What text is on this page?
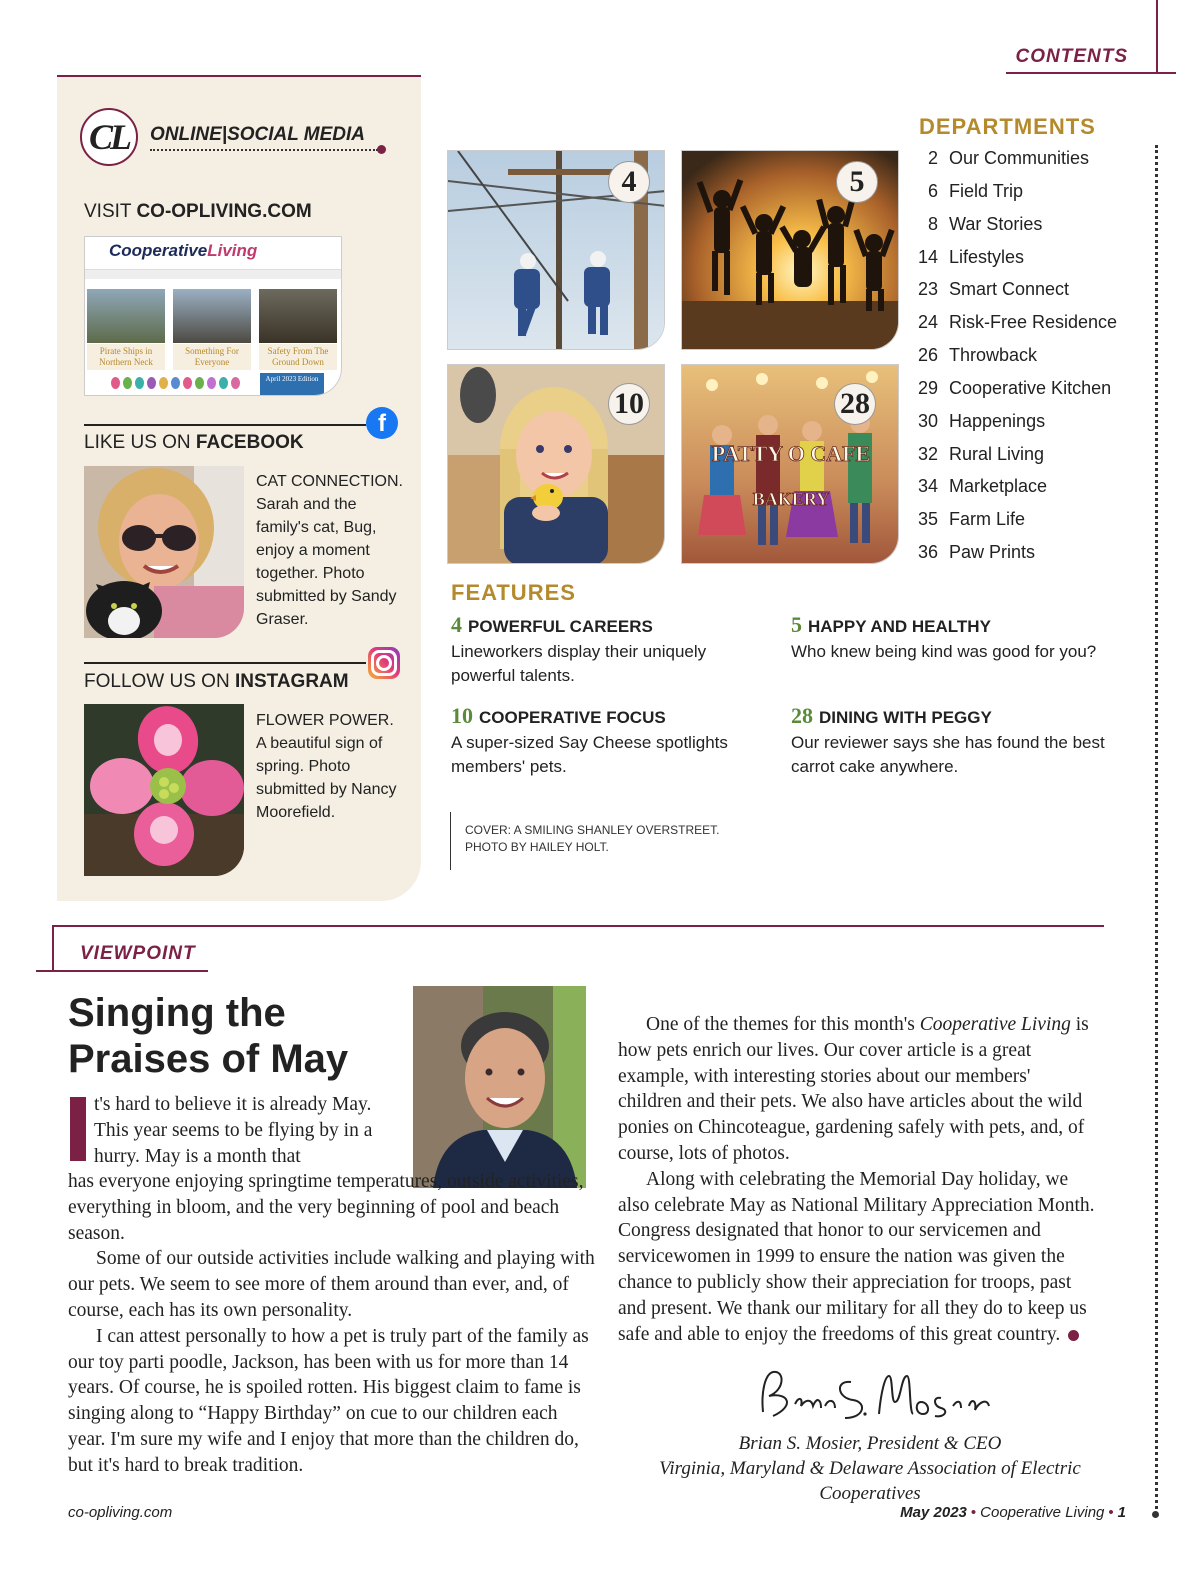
CONTENTS
CL	ONLINE|SOCIAL MEDIA
VISIT CO-OPLIVING.COM
CooperativeLiving
Pirate Ships in Northern Neck
Something For Everyone
Safety From The Ground Down
April 2023 Edition
f
LIKE US ON FACEBOOK
CAT CONNECTION. Sarah and the family's cat, Bug, enjoy a moment together. Photo submitted by Sandy Graser.
FOLLOW US ON INSTAGRAM
FLOWER POWER. A beautiful sign of spring. Photo submitted by Nancy Moorefield.
4	5
10
PATTY O CAFE
BAKERY
28
DEPARTMENTS
2 Our Communities
6 Field Trip
8 War Stories
14 Lifestyles
23 Smart Connect
24 Risk-Free Residence
26 Throwback
29 Cooperative Kitchen
30 Happenings
32 Rural Living
34 Marketplace
35 Farm Life
36 Paw Prints
FEATURES
4 POWERFUL CAREERS
Lineworkers display their uniquely powerful talents.
5 HAPPY AND HEALTHY
Who knew being kind was good for you?
10 COOPERATIVE FOCUS
A super-sized Say Cheese spotlights members' pets.
28 DINING WITH PEGGY
Our reviewer says she has found the best carrot cake anywhere.
COVER: A SMILING SHANLEY OVERSTREET.
PHOTO BY HAILEY HOLT.
VIEWPOINT
Singing the Praises of May
t's hard to believe it is already May. This year seems to be flying by in a hurry. May is a month that

has everyone enjoying springtime temperatures, outside activities, everything in bloom, and the very beginning of pool and beach season.

Some of our outside activities include walking and playing with our pets. We seem to see more of them around than ever, and, of course, each has its own personality.

I can attest personally to how a pet is truly part of the family as our toy parti poodle, Jackson, has been with us for more than 14 years. Of course, he is spoiled rotten. His biggest claim to fame is singing along to “Happy Birthday” on cue to our children each year. I'm sure my wife and I enjoy that more than the children do, but it's hard to break tradition.

One of the themes for this month's Cooperative Living is how pets enrich our lives. Our cover article is a great example, with interesting stories about our members' children and their pets. We also have articles about the wild ponies on Chincoteague, gardening safely with pets, and, of course, lots of photos.

Along with celebrating the Memorial Day holiday, we also celebrate May as National Military Appreciation Month. Congress designated that honor to our servicemen and servicewomen in 1999 to ensure the nation was given the chance to publicly show their appreciation for troops, past and present. We thank our military for all they do to keep us safe and able to enjoy the freedoms of this great country.

Brian S. Mosier, President & CEO
Virginia, Maryland & Delaware Association of Electric Cooperatives
co-opliving.com	May 2023 • Cooperative Living • 1
